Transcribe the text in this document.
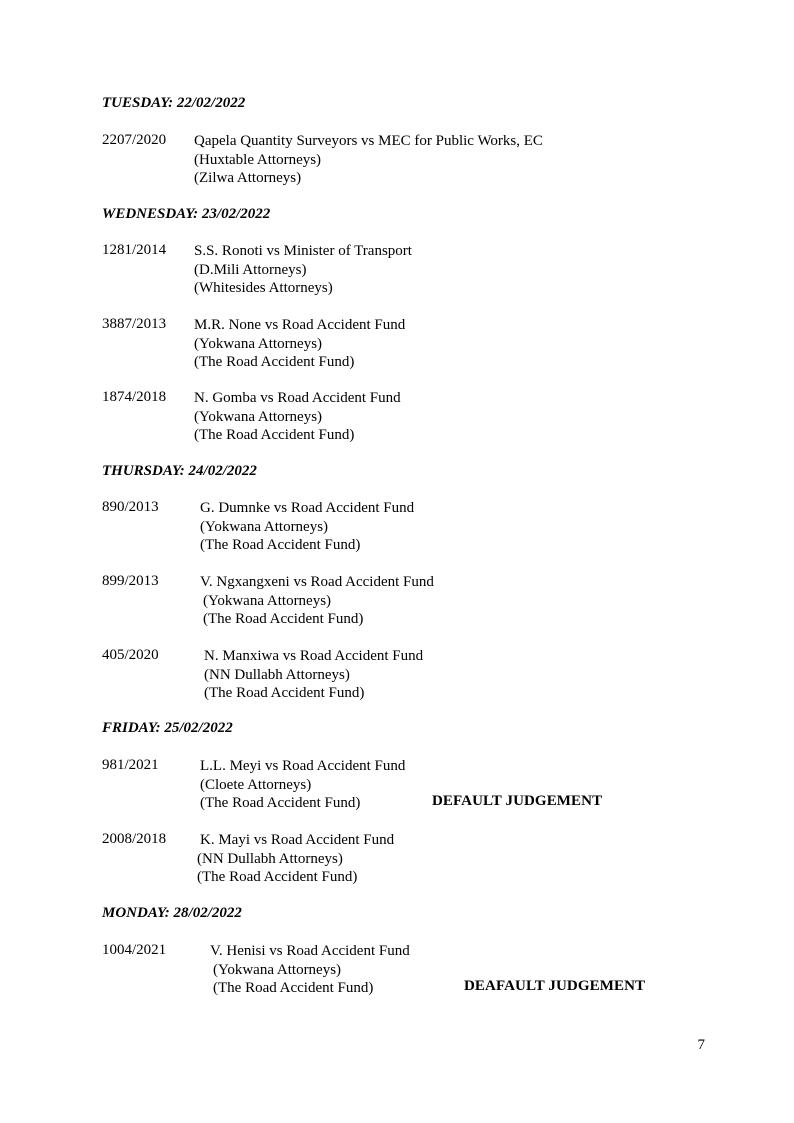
TUESDAY: 22/02/2022
2207/2020 Qapela Quantity Surveyors vs MEC for Public Works, EC
(Huxtable Attorneys)
(Zilwa Attorneys)
WEDNESDAY: 23/02/2022
1281/2014 S.S. Ronoti vs Minister of Transport
(D.Mili Attorneys)
(Whitesides Attorneys)
3887/2013 M.R. None vs Road Accident Fund
(Yokwana Attorneys)
(The Road Accident Fund)
1874/2018 N. Gomba vs Road Accident Fund
(Yokwana Attorneys)
(The Road Accident Fund)
THURSDAY: 24/02/2022
890/2013	G. Dumnke vs Road Accident Fund
(Yokwana Attorneys)
(The Road Accident Fund)
899/2013	V. Ngxangxeni vs Road Accident Fund
(Yokwana Attorneys)
(The Road Accident Fund)
405/2020	N. Manxiwa vs Road Accident Fund
(NN Dullabh Attorneys)
(The Road Accident Fund)
FRIDAY: 25/02/2022
981/2021	L.L. Meyi vs Road Accident Fund
(Cloete Attorneys)
(The Road Accident Fund)	DEFAULT JUDGEMENT
2008/2018 K. Mayi vs Road Accident Fund
(NN Dullabh Attorneys)
(The Road Accident Fund)
MONDAY: 28/02/2022
1004/2021	V. Henisi vs Road Accident Fund
(Yokwana Attorneys)
(The Road Accident Fund)	DEAFAULT JUDGEMENT
7
